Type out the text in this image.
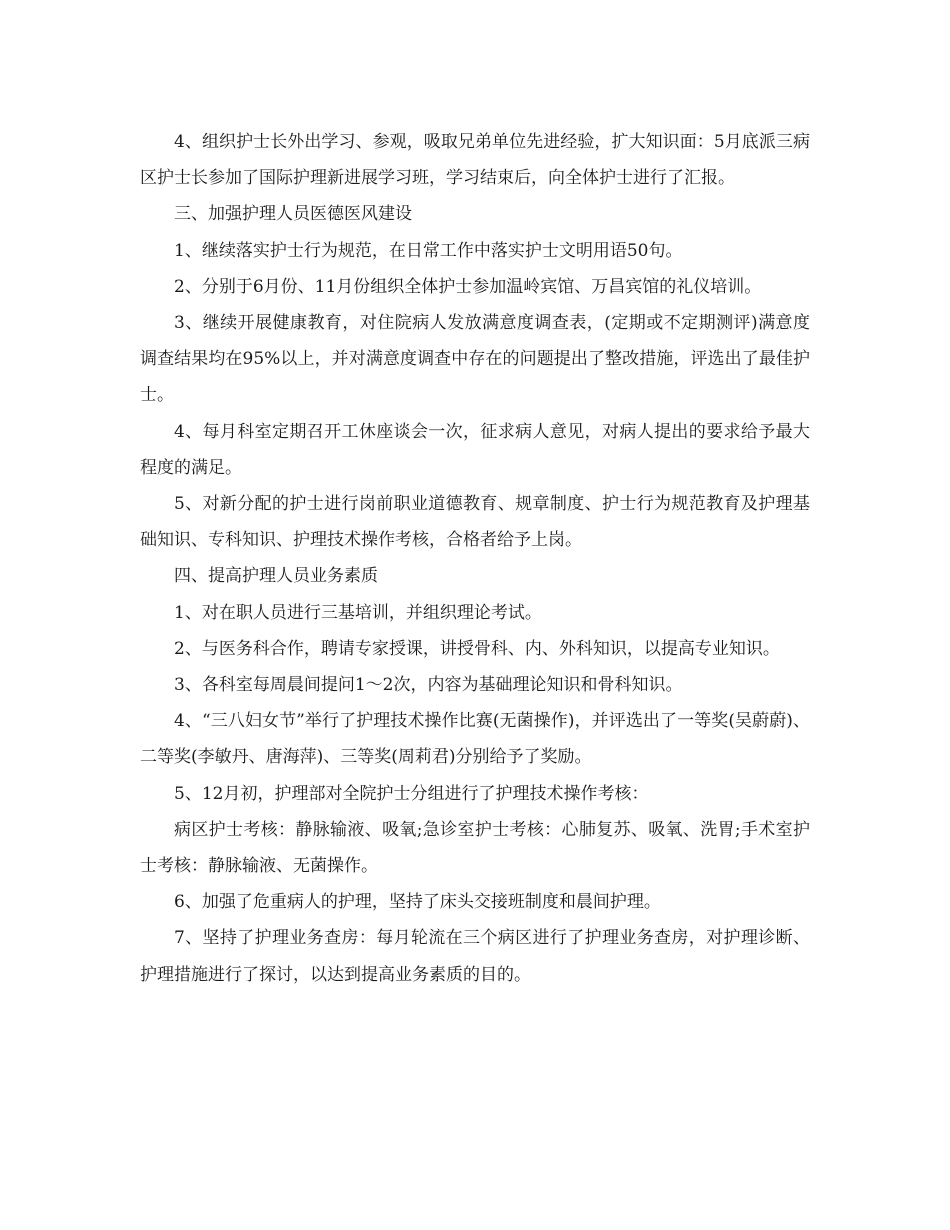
4、组织护士长外出学习、参观，吸取兄弟单位先进经验，扩大知识面：5月底派三病区护士长参加了国际护理新进展学习班，学习结束后，向全体护士进行了汇报。

三、加强护理人员医德医风建设

1、继续落实护士行为规范，在日常工作中落实护士文明用语50句。

2、分别于6月份、11月份组织全体护士参加温岭宾馆、万昌宾馆的礼仪培训。

3、继续开展健康教育，对住院病人发放满意度调查表，(定期或不定期测评)满意度调查结果均在95%以上，并对满意度调查中存在的问题提出了整改措施，评选出了最佳护士。

4、每月科室定期召开工休座谈会一次，征求病人意见，对病人提出的要求给予最大程度的满足。

5、对新分配的护士进行岗前职业道德教育、规章制度、护士行为规范教育及护理基础知识、专科知识、护理技术操作考核，合格者给予上岗。

四、提高护理人员业务素质

1、对在职人员进行三基培训，并组织理论考试。

2、与医务科合作，聘请专家授课，讲授骨科、内、外科知识，以提高专业知识。

3、各科室每周晨间提问1～2次，内容为基础理论知识和骨科知识。

4、“三八妇女节”举行了护理技术操作比赛(无菌操作)，并评选出了一等奖(吴蔚蔚)、二等奖(李敏丹、唐海萍)、三等奖(周莉君)分别给予了奖励。

5、12月初，护理部对全院护士分组进行了护理技术操作考核：

病区护士考核：静脉输液、吸氧;急诊室护士考核：心肺复苏、吸氧、洗胃;手术室护士考核：静脉输液、无菌操作。

6、加强了危重病人的护理，坚持了床头交接班制度和晨间护理。

7、坚持了护理业务查房：每月轮流在三个病区进行了护理业务查房，对护理诊断、护理措施进行了探讨，以达到提高业务素质的目的。
